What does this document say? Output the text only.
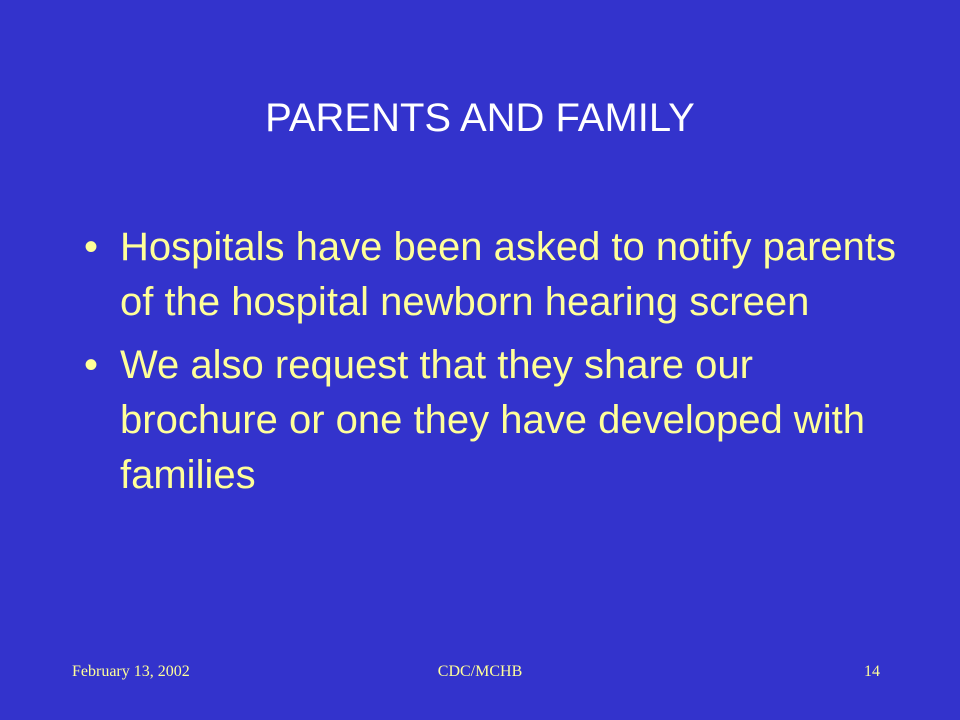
PARENTS AND FAMILY
• Hospitals have been asked to notify parents of the hospital newborn hearing screen
• We also request that they share our brochure or one they have developed with families
February 13, 2002	CDC/MCHB	14
